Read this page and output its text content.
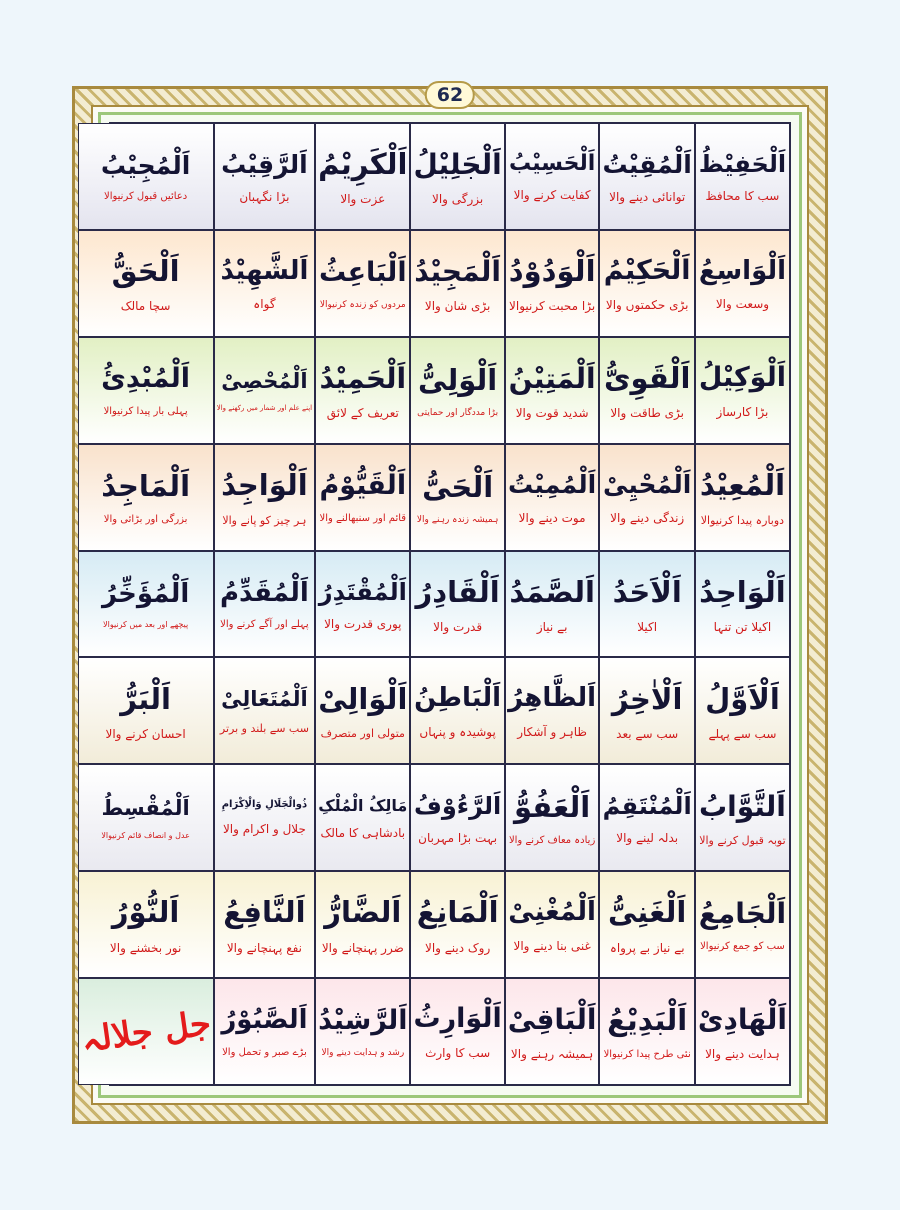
62
اَلْحَفِیْظُ
سب کا محافظ
اَلْمُقِیْتُ
توانائی دینے والا
اَلْحَسِیْبُ
کفایت کرنے والا
اَلْجَلِیْلُ
بزرگی والا
اَلْکَرِیْمُ
عزت والا
اَلرَّقِیْبُ
بڑا نگہبان
اَلْمُجِیْبُ
دعائیں قبول کرنیوالا
اَلْوَاسِعُ
وسعت والا
اَلْحَکِیْمُ
بڑی حکمتوں والا
اَلْوَدُوْدُ
بڑا محبت کرنیوالا
اَلْمَجِیْدُ
بڑی شان والا
اَلْبَاعِثُ
مردوں کو زندہ کرنیوالا
اَلشَّھِیْدُ
گواہ
اَلْحَقُّ
سچا مالک
اَلْوَکِیْلُ
بڑا کارساز
اَلْقَوِیُّ
بڑی طاقت والا
اَلْمَتِیْنُ
شدید قوت والا
اَلْوَلِیُّ
بڑا مددگار اور حمایتی
اَلْحَمِیْدُ
تعریف کے لائق
اَلْمُحْصِیْ
اپنے علم اور شمار میں رکھنے والا
اَلْمُبْدِئُ
پہلی بار پیدا کرنیوالا
اَلْمُعِیْدُ
دوبارہ پیدا کرنیوالا
اَلْمُحْیِیْ
زندگی دینے والا
اَلْمُمِیْتُ
موت دینے والا
اَلْحَیُّ
ہمیشہ زندہ رہنے والا
اَلْقَیُّوْمُ
قائم اور سنبھالنے والا
اَلْوَاجِدُ
ہر چیز کو پانے والا
اَلْمَاجِدُ
بزرگی اور بڑائی والا
اَلْوَاحِدُ
اکیلا تن تنہا
اَلْاَحَدُ
اکیلا
اَلصَّمَدُ
بے نیاز
اَلْقَادِرُ
قدرت والا
اَلْمُقْتَدِرُ
پوری قدرت والا
اَلْمُقَدِّمُ
پہلے اور آگے کرنے والا
اَلْمُؤَخِّرُ
پیچھے اور بعد میں کرنیوالا
اَلْاَوَّلُ
سب سے پہلے
اَلْاٰخِرُ
سب سے بعد
اَلظَّاھِرُ
ظاہر و آشکار
اَلْبَاطِنُ
پوشیدہ و پنہاں
اَلْوَالِیْ
متولی اور متصرف
اَلْمُتَعَالِیْ
سب سے بلند و برتر
اَلْبَرُّ
احسان کرنے والا
اَلتَّوَّابُ
توبہ قبول کرنے والا
اَلْمُنْتَقِمُ
بدلہ لینے والا
اَلْعَفُوُّ
زیادہ معاف کرنے والا
اَلرَّءُوْفُ
بہت بڑا مہربان
مَالِکُ الْمُلْکِ
بادشاہی کا مالک
ذُوالْجَلَالِ وَالْاِکْرَامِ
جلال و اکرام والا
اَلْمُقْسِطُ
عدل و انصاف قائم کرنیوالا
اَلْجَامِعُ
سب کو جمع کرنیوالا
اَلْغَنِیُّ
بے نیاز بے پرواہ
اَلْمُغْنِیْ
غنی بنا دینے والا
اَلْمَانِعُ
روک دینے والا
اَلضَّارُّ
ضرر پہنچانے والا
اَلنَّافِعُ
نفع پہنچانے والا
اَلنُّوْرُ
نور بخشنے والا
اَلْھَادِیْ
ہدایت دینے والا
اَلْبَدِیْعُ
نئی طرح پیدا کرنیوالا
اَلْبَاقِیْ
ہمیشہ رہنے والا
اَلْوَارِثُ
سب کا وارث
اَلرَّشِیْدُ
رشد و ہدایت دینے والا
اَلصَّبُوْرُ
بڑے صبر و تحمل والا
جل جلالہ
